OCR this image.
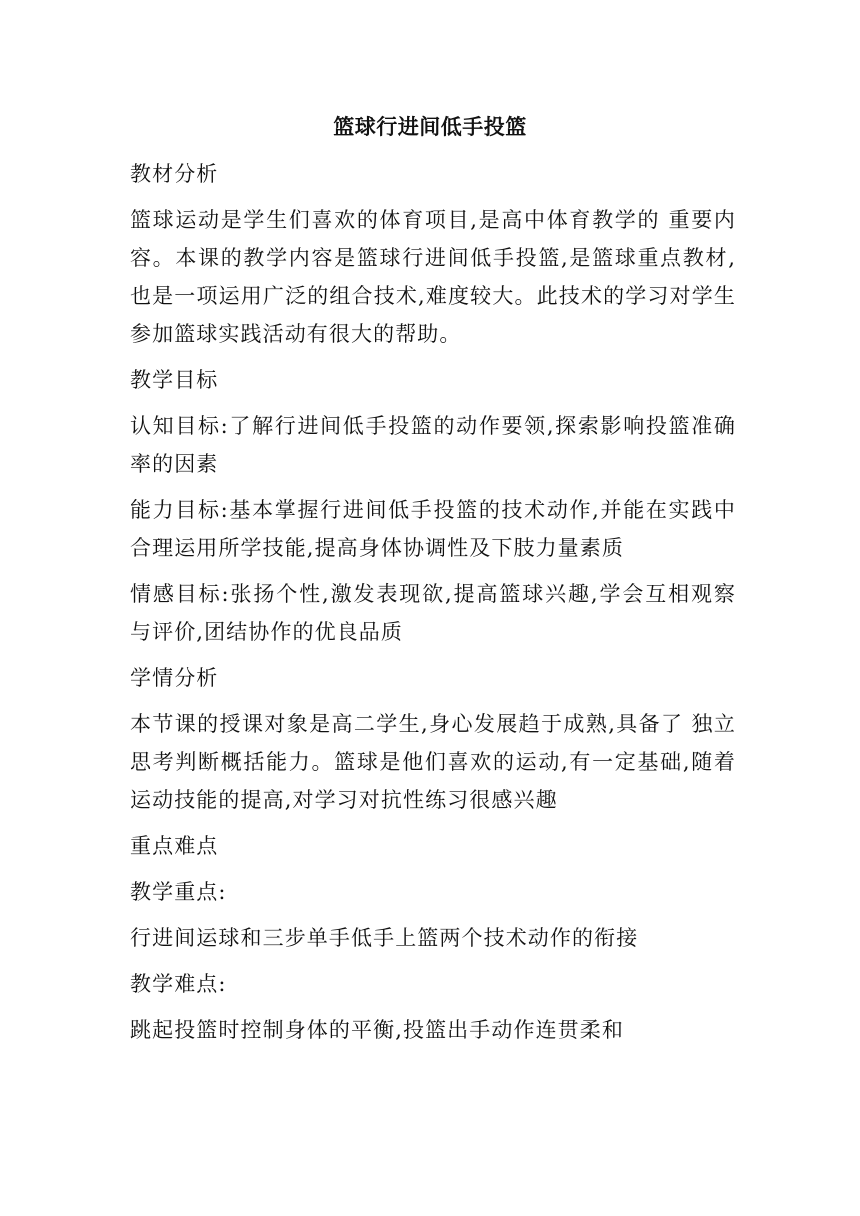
篮球行进间低手投篮

教材分析

篮球运动是学生们喜欢的体育项目,是高中体育教学的 重要内容。本课的教学内容是篮球行进间低手投篮,是篮球重点教材,也是一项运用广泛的组合技术,难度较大。此技术的学习对学生参加篮球实践活动有很大的帮助。

教学目标

认知目标:了解行进间低手投篮的动作要领,探索影响投篮准确率的因素

能力目标:基本掌握行进间低手投篮的技术动作,并能在实践中合理运用所学技能,提高身体协调性及下肢力量素质

情感目标:张扬个性,激发表现欲,提高篮球兴趣,学会互相观察与评价,团结协作的优良品质

学情分析

本节课的授课对象是高二学生,身心发展趋于成熟,具备了 独立思考判断概括能力。篮球是他们喜欢的运动,有一定基础,随着运动技能的提高,对学习对抗性练习很感兴趣

重点难点

教学重点:

行进间运球和三步单手低手上篮两个技术动作的衔接

教学难点:

跳起投篮时控制身体的平衡,投篮出手动作连贯柔和
